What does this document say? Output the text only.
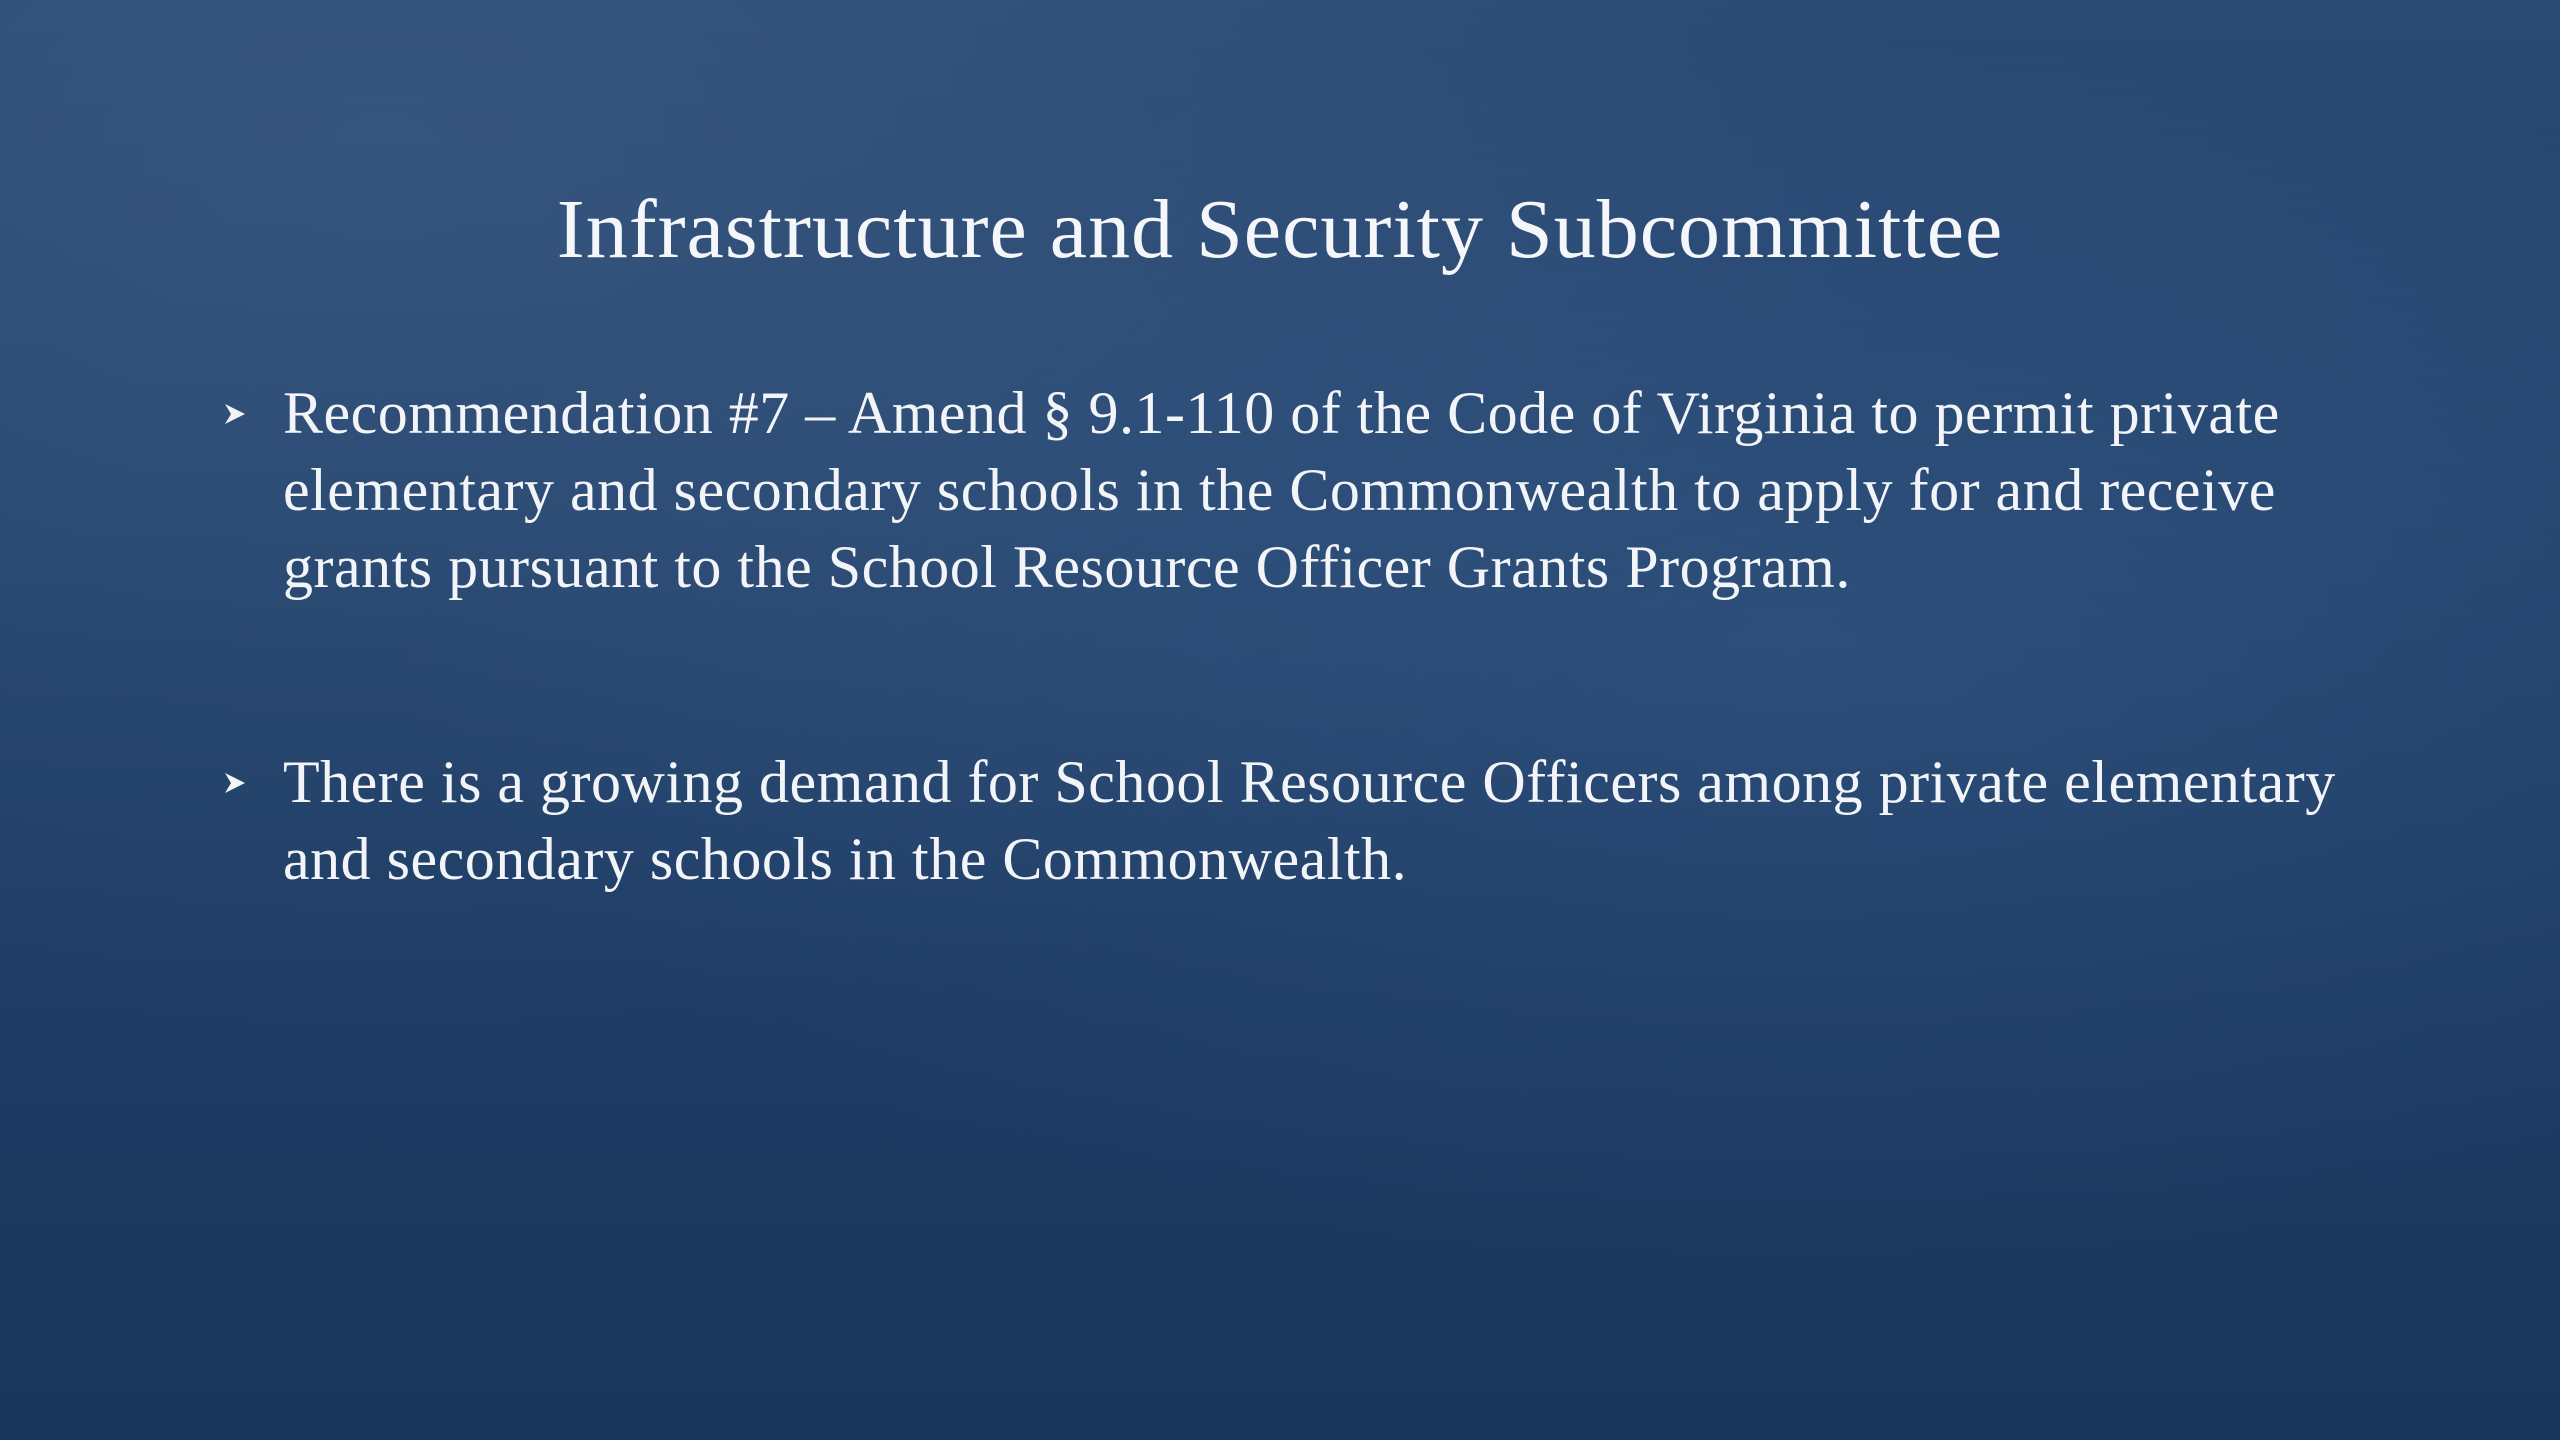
Infrastructure and Security Subcommittee
Recommendation #7 – Amend § 9.1-110 of the Code of Virginia to permit private elementary and secondary schools in the Commonwealth to apply for and receive grants pursuant to the School Resource Officer Grants Program.
There is a growing demand for School Resource Officers among private elementary and secondary schools in the Commonwealth.
